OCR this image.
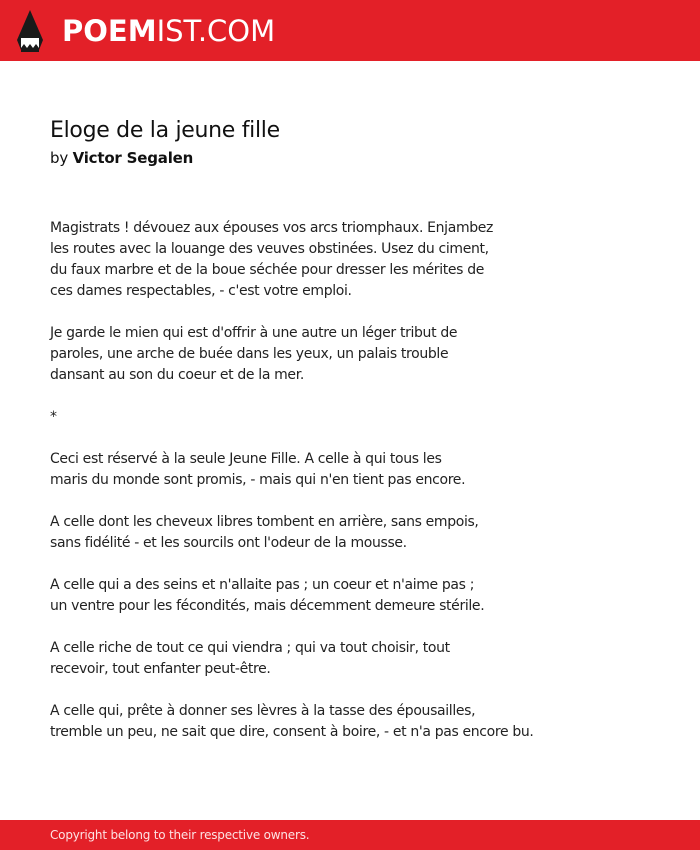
POEMIST.COM
Eloge de la jeune fille
by Victor Segalen
Magistrats ! dévouez aux épouses vos arcs triomphaux. Enjambez
les routes avec la louange des veuves obstinées. Usez du ciment,
du faux marbre et de la boue séchée pour dresser les mérites de
ces dames respectables, - c'est votre emploi.
Je garde le mien qui est d'offrir à une autre un léger tribut de
paroles, une arche de buée dans les yeux, un palais trouble
dansant au son du coeur et de la mer.
*
Ceci est réservé à la seule Jeune Fille. A celle à qui tous les
maris du monde sont promis, - mais qui n'en tient pas encore.
A celle dont les cheveux libres tombent en arrière, sans empois,
sans fidélité - et les sourcils ont l'odeur de la mousse.
A celle qui a des seins et n'allaite pas ; un coeur et n'aime pas ;
un ventre pour les fécondités, mais décemment demeure stérile.
A celle riche de tout ce qui viendra ; qui va tout choisir, tout
recevoir, tout enfanter peut-être.
A celle qui, prête à donner ses lèvres à la tasse des épousailles,
tremble un peu, ne sait que dire, consent à boire, - et n'a pas encore bu.
Copyright belong to their respective owners.
